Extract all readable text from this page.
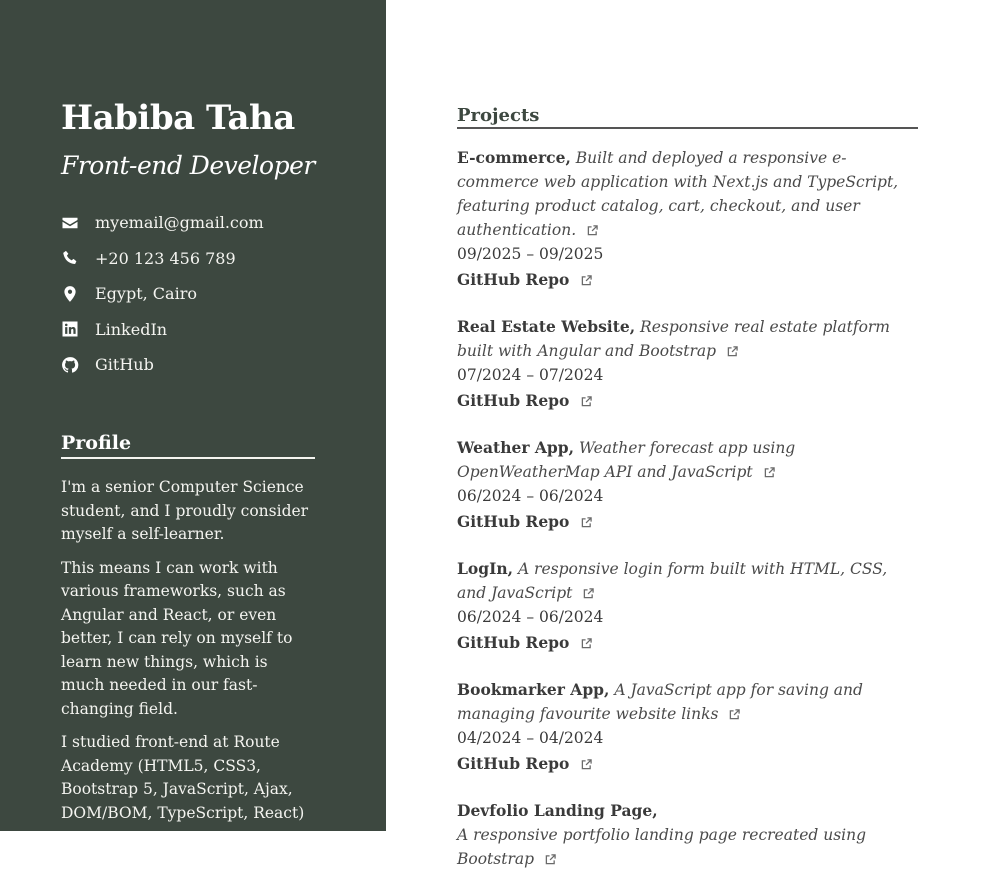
Habiba Taha
Front-end Developer
myemail@gmail.com
+20 123 456 789
Egypt, Cairo
LinkedIn
GitHub
Profile

I'm a senior Computer Science student, and I proudly consider myself a self-learner.

This means I can work with various frameworks, such as Angular and React, or even better, I can rely on myself to learn new things, which is much needed in our fast-changing field.

I studied front-end at Route Academy (HTML5, CSS3, Bootstrap 5, JavaScript, Ajax, DOM/BOM, TypeScript, React)

Projects
E-commerce, Built and deployed a responsive e-commerce web application with Next.js and TypeScript, featuring product catalog, cart, checkout, and user authentication.
09/2025 – 09/2025
GitHub Repo
Real Estate Website, Responsive real estate platform built with Angular and Bootstrap
07/2024 – 07/2024
GitHub Repo
Weather App, Weather forecast app using OpenWeatherMap API and JavaScript
06/2024 – 06/2024
GitHub Repo
LogIn, A responsive login form built with HTML, CSS, and JavaScript
06/2024 – 06/2024
GitHub Repo
Bookmarker App, A JavaScript app for saving and managing favourite website links
04/2024 – 04/2024
GitHub Repo
Devfolio Landing Page,
A responsive portfolio landing page recreated using Bootstrap
